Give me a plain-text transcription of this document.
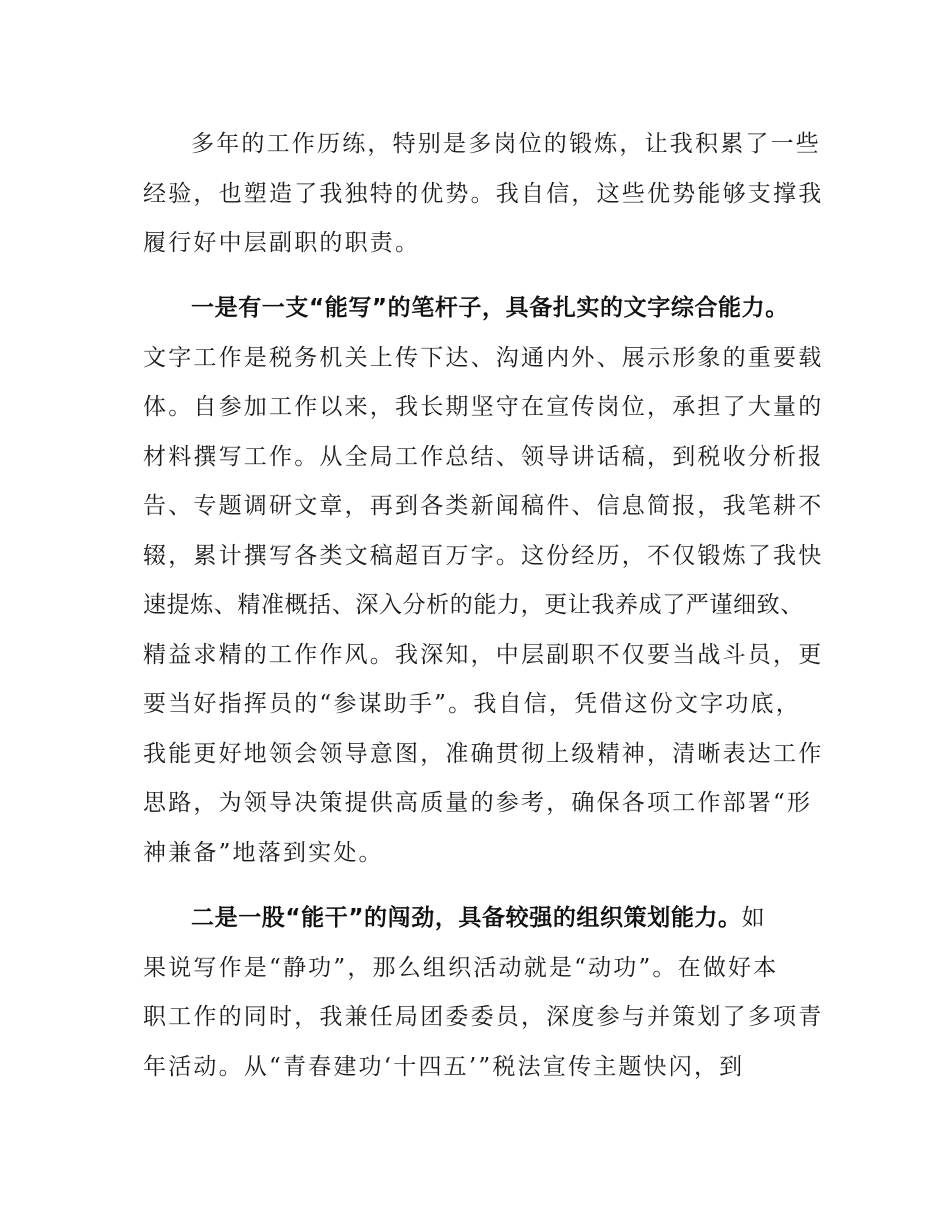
多年的工作历练，特别是多岗位的锻炼，让我积累了一些
经验，也塑造了我独特的优势。我自信，这些优势能够支撑我
履行好中层副职的职责。
一是有一支“能写”的笔杆子，具备扎实的文字综合能力。
文字工作是税务机关上传下达、沟通内外、展示形象的重要载
体。自参加工作以来，我长期坚守在宣传岗位，承担了大量的
材料撰写工作。从全局工作总结、领导讲话稿，到税收分析报
告、专题调研文章，再到各类新闻稿件、信息简报，我笔耕不
辍，累计撰写各类文稿超百万字。这份经历，不仅锻炼了我快
速提炼、精准概括、深入分析的能力，更让我养成了严谨细致、
精益求精的工作作风。我深知，中层副职不仅要当战斗员，更
要当好指挥员的“参谋助手”。我自信，凭借这份文字功底，
我能更好地领会领导意图，准确贯彻上级精神，清晰表达工作
思路，为领导决策提供高质量的参考，确保各项工作部署“形
神兼备”地落到实处。
二是一股“能干”的闯劲，具备较强的组织策划能力。如
果说写作是“静功”，那么组织活动就是“动功”。在做好本
职工作的同时，我兼任局团委委员，深度参与并策划了多项青
年活动。从“青春建功‘十四五’”税法宣传主题快闪，到
